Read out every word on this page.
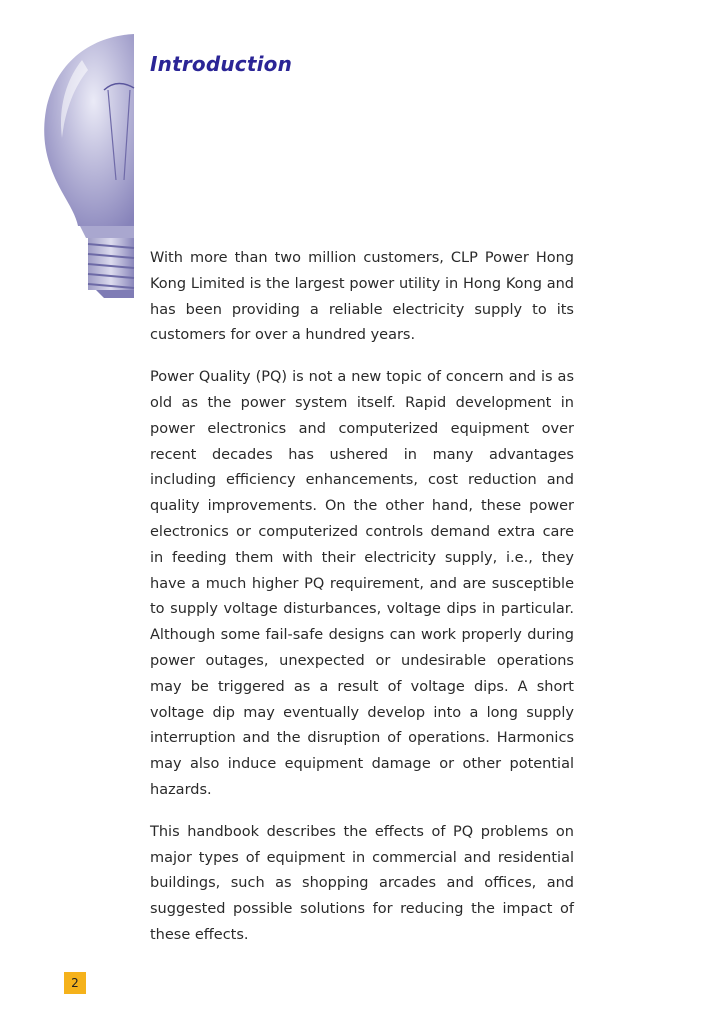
Introduction

With more than two million customers, CLP Power Hong Kong Limited is the largest power utility in Hong Kong and has been providing a reliable electricity supply to its customers for over a hundred years.

Power Quality (PQ) is not a new topic of concern and is as old as the power system itself. Rapid development in power electronics and computerized equipment over recent decades has ushered in many advantages including efficiency enhancements, cost reduction and quality improvements. On the other hand, these power electronics or computerized controls demand extra care in feeding them with their electricity supply, i.e., they have a much higher PQ requirement, and are susceptible to supply voltage disturbances, voltage dips in particular. Although some fail-safe designs can work properly during power outages, unexpected or undesirable operations may be triggered as a result of voltage dips. A short voltage dip may eventually develop into a long supply interruption and the disruption of operations. Harmonics may also induce equipment damage or other potential hazards.

This handbook describes the effects of PQ problems on major types of equipment in commercial and residential buildings, such as shopping arcades and offices, and suggested possible solutions for reducing the impact of these effects.

2
